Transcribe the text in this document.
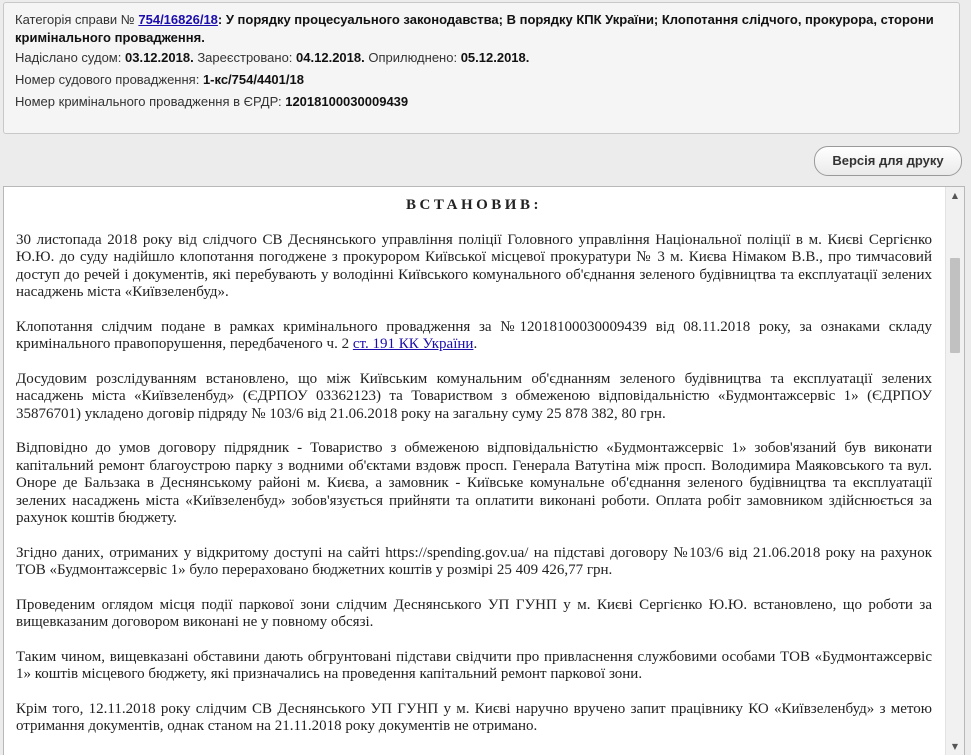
Категорія справи № 754/16826/18: У порядку процесуального законодавства; В порядку КПК України; Клопотання слідчого, прокурора, сторони кримінального провадження.
Надіслано судом: 03.12.2018. Зареєстровано: 04.12.2018. Оприлюднено: 05.12.2018.
Номер судового провадження: 1-кс/754/4401/18
Номер кримінального провадження в ЄРДР: 12018100030009439
Версія для друку
ВСТАНОВИВ:

30 листопада 2018 року від слідчого СВ Деснянського управління поліції Головного управління Національної поліції в м. Києві Сергієнко Ю.Ю. до суду надійшло клопотання погоджене з прокурором Київської місцевої прокуратури № 3 м. Києва Німаком В.В., про тимчасовий доступ до речей і документів, які перебувають у володінні Київського комунального об'єднання зеленого будівництва та експлуатації зелених насаджень міста «Київзеленбуд».

Клопотання слідчим подане в рамках кримінального провадження за №12018100030009439 від 08.11.2018 року, за ознаками складу кримінального правопорушення, передбаченого ч. 2 ст. 191 КК України.

Досудовим розслідуванням встановлено, що між Київським комунальним об'єднанням зеленого будівництва та експлуатації зелених насаджень міста «Київзеленбуд» (ЄДРПОУ 03362123) та Товариством з обмеженою відповідальністю «Будмонтажсервіс 1» (ЄДРПОУ 35876701) укладено договір підряду № 103/6 від 21.06.2018 року на загальну суму 25 878 382, 80 грн.

Відповідно до умов договору підрядник - Товариство з обмеженою відповідальністю «Будмонтажсервіс 1» зобов'язаний був виконати капітальний ремонт благоустрою парку з водними об'єктами вздовж просп. Генерала Ватутіна між просп. Володимира Маяковського та вул. Оноре де Бальзака в Деснянському районі м. Києва, а замовник - Київське комунальне об'єднання зеленого будівництва та експлуатації зелених насаджень міста «Київзеленбуд» зобов'язується прийняти та оплатити виконані роботи. Оплата робіт замовником здійснюється за рахунок коштів бюджету.

Згідно даних, отриманих у відкритому доступі на сайті https://spending.gov.ua/ на підставі договору №103/6 від 21.06.2018 року на рахунок ТОВ «Будмонтажсервіс 1» було перераховано бюджетних коштів у розмірі 25 409 426,77 грн.

Проведеним оглядом місця події паркової зони слідчим Деснянського УП ГУНП у м. Києві Сергієнко Ю.Ю. встановлено, що роботи за вищевказаним договором виконані не у повному обсязі.

Таким чином, вищевказані обставини дають обгрунтовані підстави свідчити про привласнення службовими особами ТОВ «Будмонтажсервіс 1» коштів місцевого бюджету, які призначались на проведення капітальний ремонт паркової зони.

Крім того, 12.11.2018 року слідчим СВ Деснянського УП ГУНП у м. Києві наручно вручено запит працівнику КО «Київзеленбуд» з метою отримання документів, однак станом на 21.11.2018 року документів не отримано.

▲
▼
